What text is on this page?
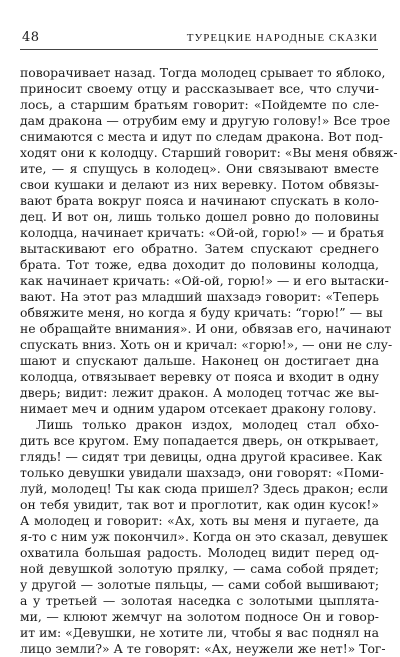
48	ТУРЕЦКИЕ НАРОДНЫЕ СКАЗКИ
поворачивает назад. Тогда молодец срывает то яблоко,
приносит своему отцу и рассказывает все, что случи-
лось, а старшим братьям говорит: «Пойдемте по сле-
дам дракона — отрубим ему и другую голову!» Все трое
снимаются с места и идут по следам дракона. Вот под-
ходят они к колодцу. Старший говорит: «Вы меня обвяж-
ите, — я спущусь в колодец». Они связывают вместе
свои кушаки и делают из них веревку. Потом обвязы-
вают брата вокруг пояса и начинают спускать в коло-
дец. И вот он, лишь только дошел ровно до половины
колодца, начинает кричать: «Ой-ой, горю!» — и братья
вытаскивают его обратно. Затем спускают среднего
брата. Тот тоже, едва доходит до половины колодца,
как начинает кричать: «Ой-ой, горю!» — и его вытаски-
вают. На этот раз младший шахзадэ говорит: «Теперь
обвяжите меня, но когда я буду кричать: “горю!” — вы
не обращайте внимания». И они, обвязав его, начинают
спускать вниз. Хоть он и кричал: «горю!», — они не слу-
шают и спускают дальше. Наконец он достигает дна
колодца, отвязывает веревку от пояса и входит в одну
дверь; видит: лежит дракон. А молодец тотчас же вы-
нимает меч и одним ударом отсекает дракону голову.
Лишь только дракон издох, молодец стал обхо-
дить все кругом. Ему попадается дверь, он открывает,
глядь! — сидят три девицы, одна другой красивее. Как
только девушки увидали шахзадэ, они говорят: «Поми-
луй, молодец! Ты как сюда пришел? Здесь дракон; если
он тебя увидит, так вот и проглотит, как один кусок!»
А молодец и говорит: «Ах, хоть вы меня и пугаете, да
я-то с ним уж покончил». Когда он это сказал, девушек
охватила большая радость. Молодец видит перед од-
ной девушкой золотую прялку, — сама собой прядет;
у другой — золотые пяльцы, — сами собой вышивают;
а у третьей — золотая наседка с золотыми цыплята-
ми, — клюют жемчуг на золотом подносе Он и говор-
ит им: «Девушки, не хотите ли, чтобы я вас поднял на
лицо земли?» А те говорят: «Ах, неужели же нет!» Тог-
